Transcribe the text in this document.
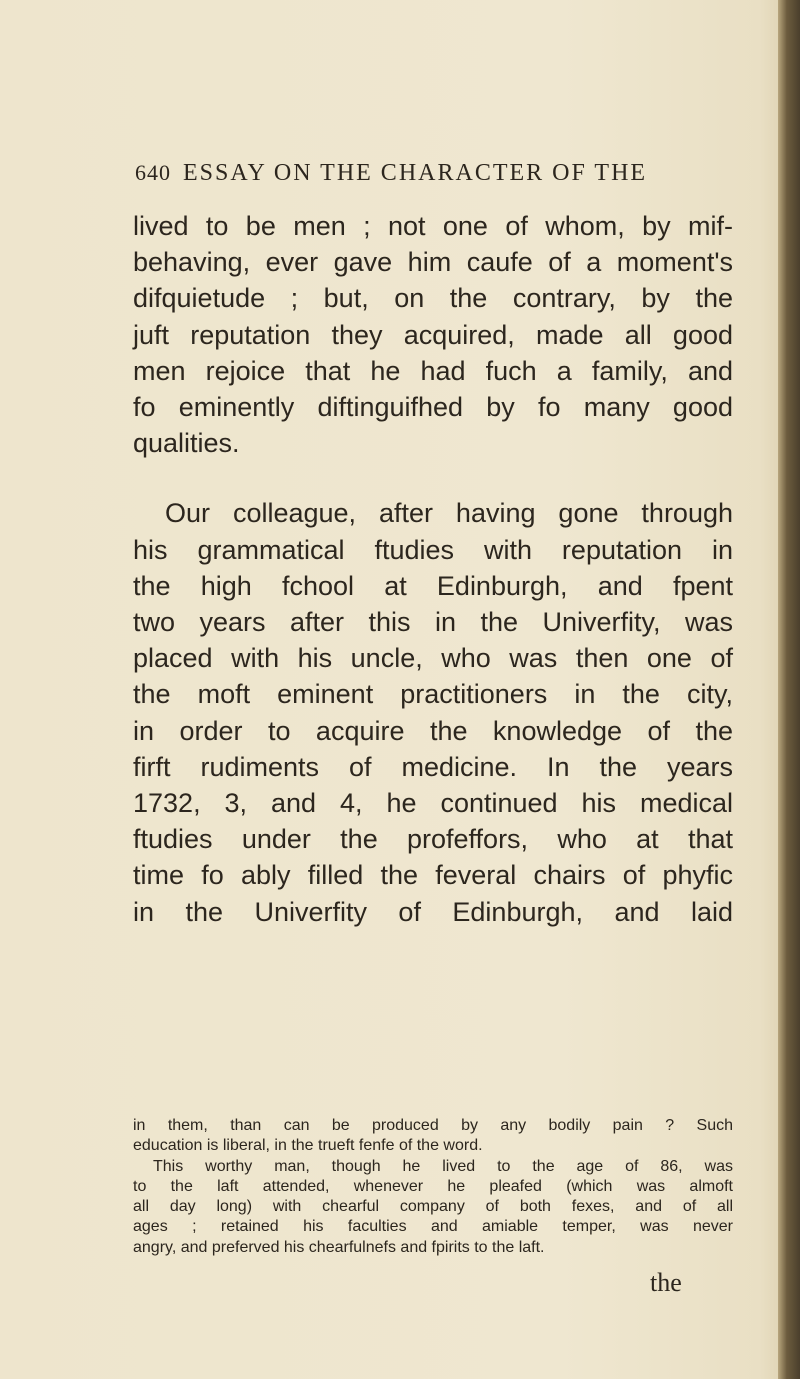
640 ESSAY ON THE CHARACTER OF THE
lived to be men ; not one of whom, by mif-
behaving, ever gave him caufe of a moment's
difquietude ; but, on the contrary, by the
juft reputation they acquired, made all good
men rejoice that he had fuch a family, and
fo eminently diftinguifhed by fo many good
qualities.
Our colleague, after having gone through
his grammatical ftudies with reputation in
the high fchool at Edinburgh, and fpent
two years after this in the Univerfity, was
placed with his uncle, who was then one of
the moft eminent practitioners in the city,
in order to acquire the knowledge of the
firft rudiments of medicine. In the years
1732, 3, and 4, he continued his medical
ftudies under the profeffors, who at that
time fo ably filled the feveral chairs of phyfic
in the Univerfity of Edinburgh, and laid
in them, than can be produced by any bodily pain ? Such
education is liberal, in the trueft fenfe of the word.
This worthy man, though he lived to the age of 86, was
to the laft attended, whenever he pleafed (which was almoft
all day long) with chearful company of both fexes, and of all
ages ; retained his faculties and amiable temper, was never
angry, and preferved his chearfulnefs and fpirits to the laft.
the
